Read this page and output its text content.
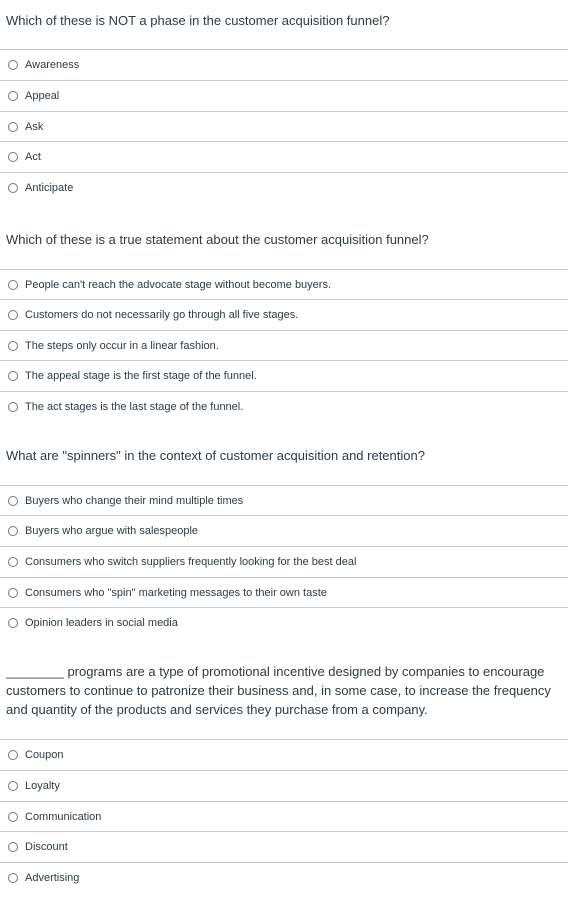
Which of these is NOT a phase in the customer acquisition funnel?
Awareness
Appeal
Ask
Act
Anticipate
Which of these is a true statement about the customer acquisition funnel?
People can't reach the advocate stage without become buyers.
Customers do not necessarily go through all five stages.
The steps only occur in a linear fashion.
The appeal stage is the first stage of the funnel.
The act stages is the last stage of the funnel.
What are "spinners" in the context of customer acquisition and retention?
Buyers who change their mind multiple times
Buyers who argue with salespeople
Consumers who switch suppliers frequently looking for the best deal
Consumers who "spin" marketing messages to their own taste
Opinion leaders in social media
________ programs are a type of promotional incentive designed by companies to encourage customers to continue to patronize their business and, in some case, to increase the frequency and quantity of the products and services they purchase from a company.
Coupon
Loyalty
Communication
Discount
Advertising
